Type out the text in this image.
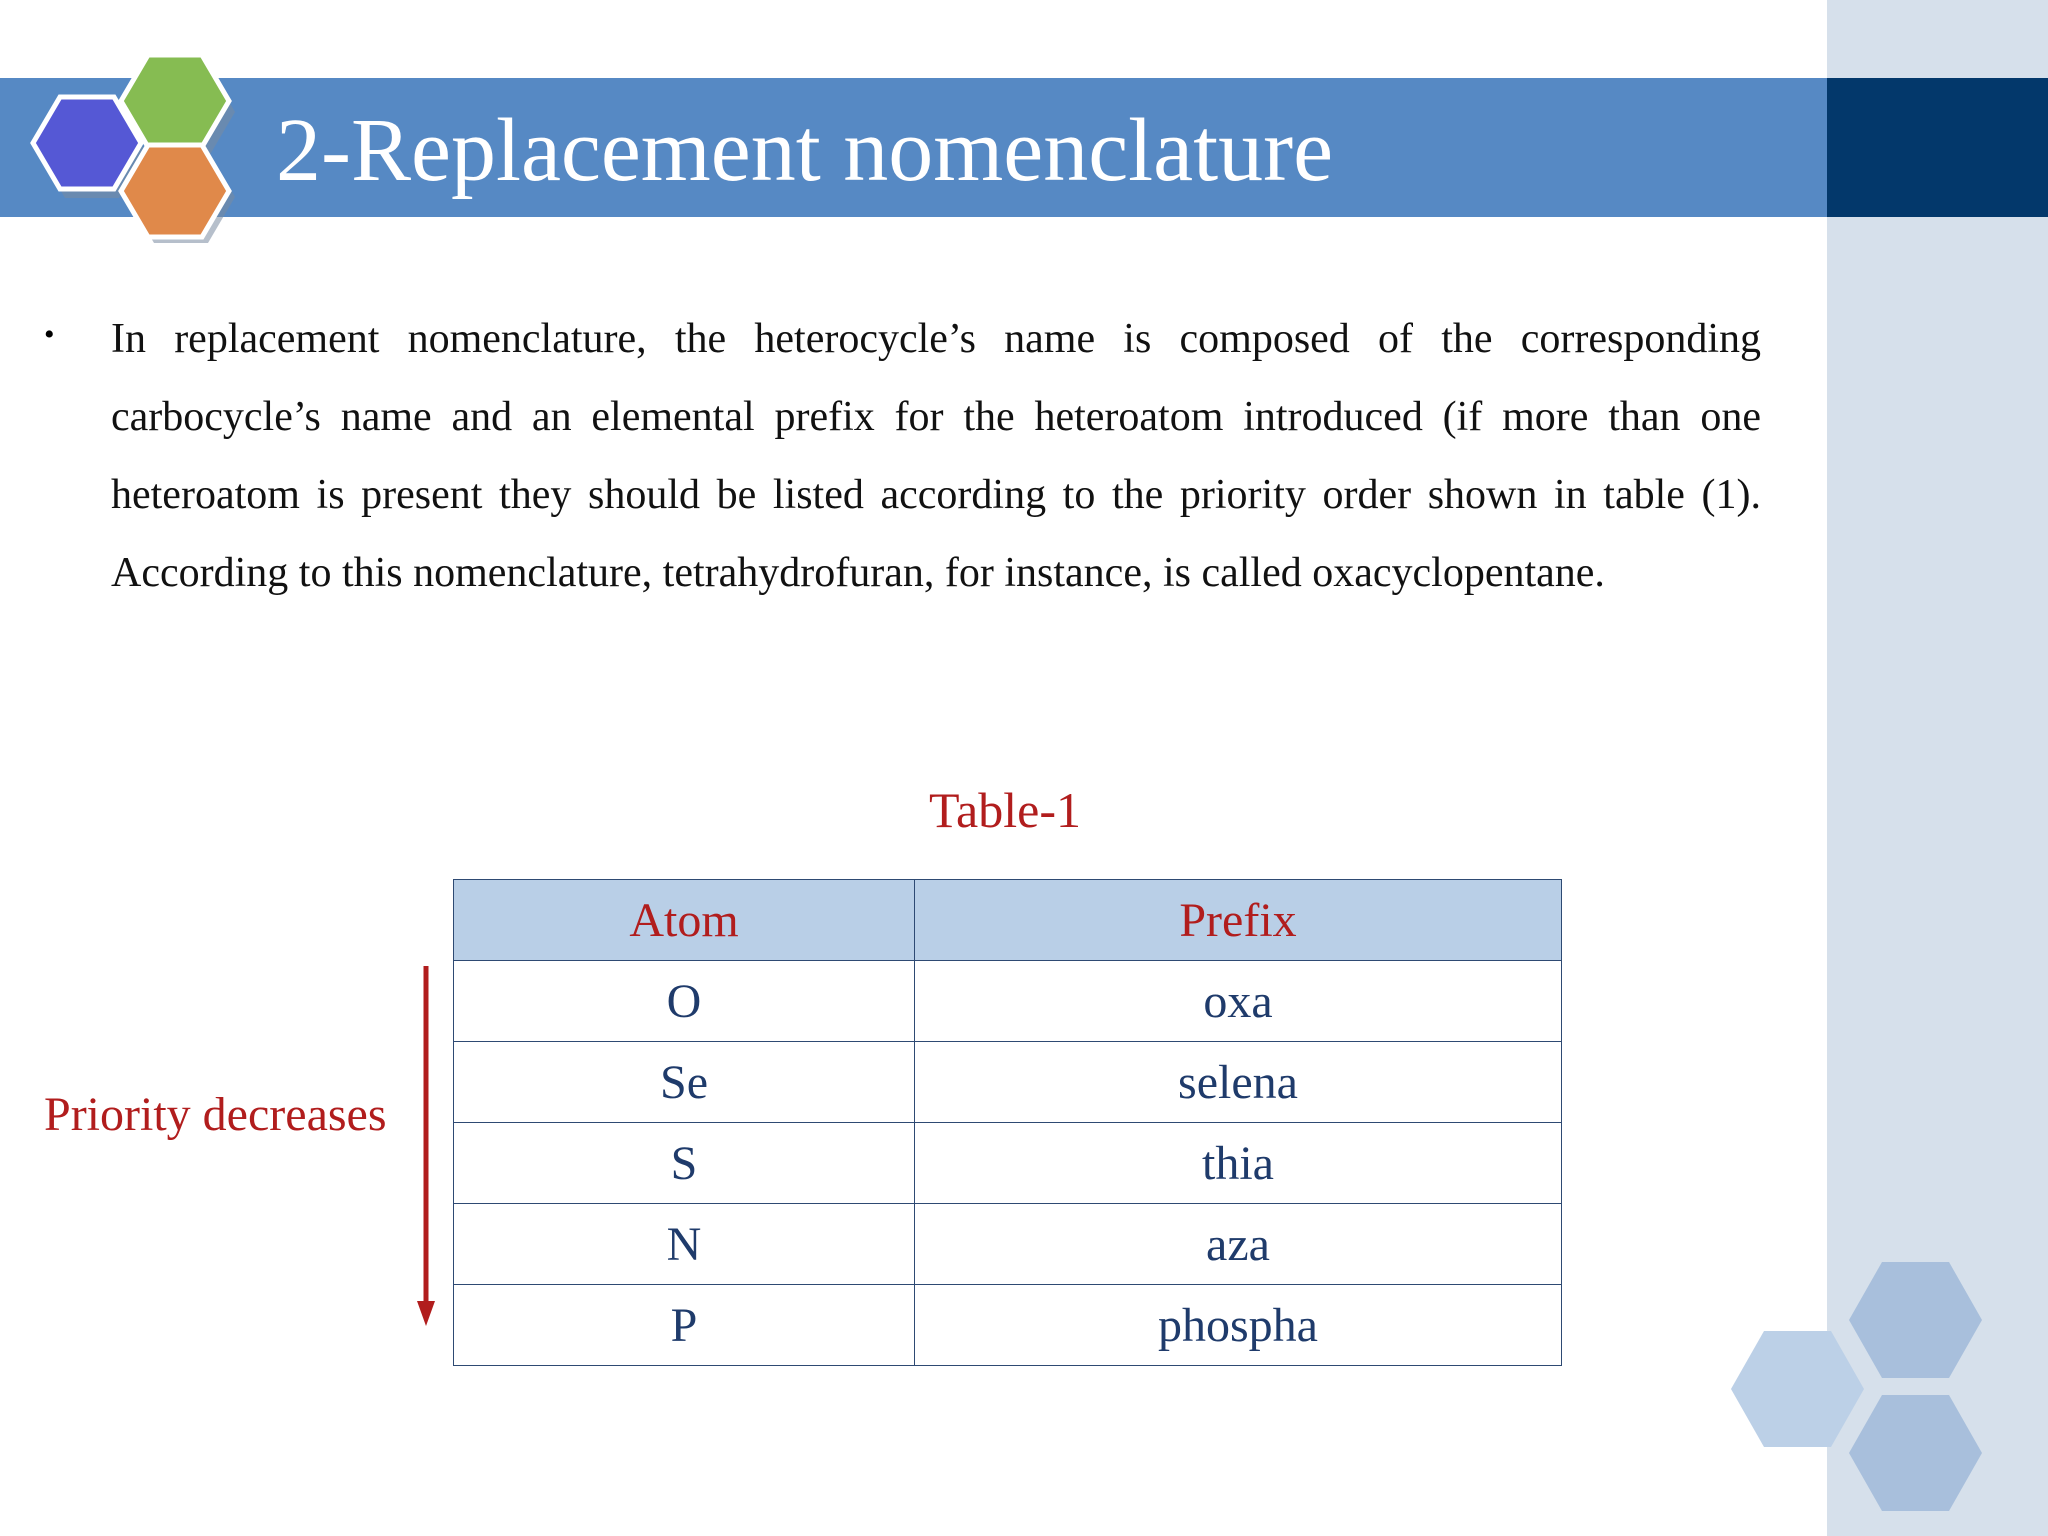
2-Replacement nomenclature
• In replacement nomenclature, the heterocycle’s name is composed of the corresponding carbocycle’s name and an elemental prefix for the heteroatom introduced (if more than one heteroatom is present they should be listed according to the priority order shown in table (1). According to this nomenclature, tetrahydrofuran, for instance, is called oxacyclopentane.
Table-1
Atom	Prefix
O	oxa
Se	selena
S	thia
N	aza
P	phospha
Priority decreases
